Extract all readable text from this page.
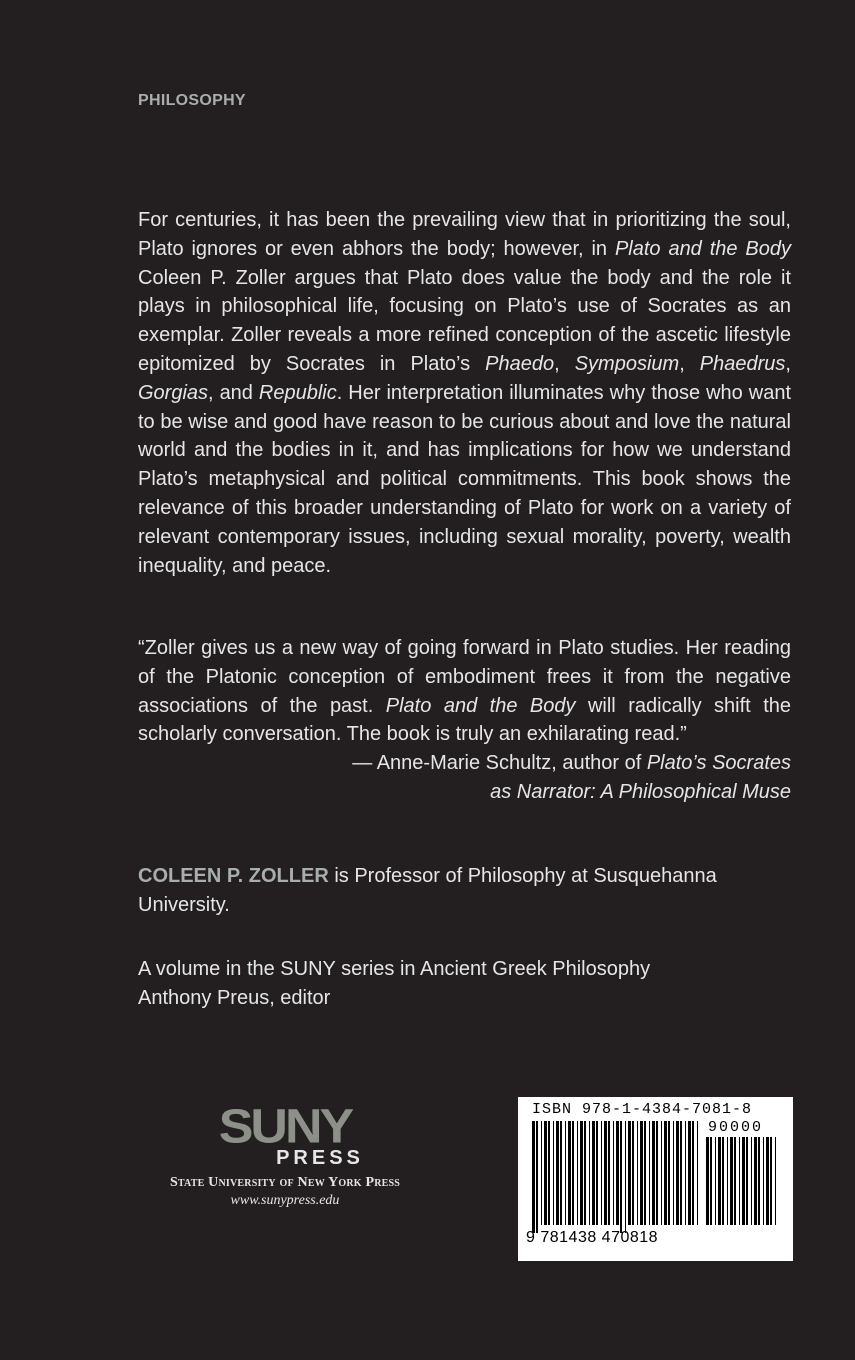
PHILOSOPHY

For centuries, it has been the prevailing view that in prioritizing the soul, Plato ignores or even abhors the body; however, in Plato and the Body Coleen P. Zoller argues that Plato does value the body and the role it plays in philosophical life, focusing on Plato’s use of Socrates as an exemplar. Zoller reveals a more refined conception of the ascetic lifestyle epitomized by Socrates in Plato’s Phaedo, Symposium, Phaedrus, Gorgias, and Republic. Her interpretation illuminates why those who want to be wise and good have reason to be curious about and love the natural world and the bodies in it, and has implications for how we understand Plato’s metaphysical and political commitments. This book shows the relevance of this broader understanding of Plato for work on a variety of relevant contemporary issues, including sexual morality, poverty, wealth inequality, and peace.

“Zoller gives us a new way of going forward in Plato studies. Her reading of the Platonic conception of embodiment frees it from the negative associations of the past. Plato and the Body will radically shift the scholarly conversation. The book is truly an exhilarating read.”

— Anne-Marie Schultz, author of Plato’s Socrates
as Narrator: A Philosophical Muse

COLEEN P. ZOLLER is Professor of Philosophy at Susquehanna University.

A volume in the SUNY series in Ancient Greek Philosophy
Anthony Preus, editor
SUNY
PRESS
State University of New York Press
www.sunypress.edu
ISBN 978-1-4384-7081-8
90000
9 781438 470818
